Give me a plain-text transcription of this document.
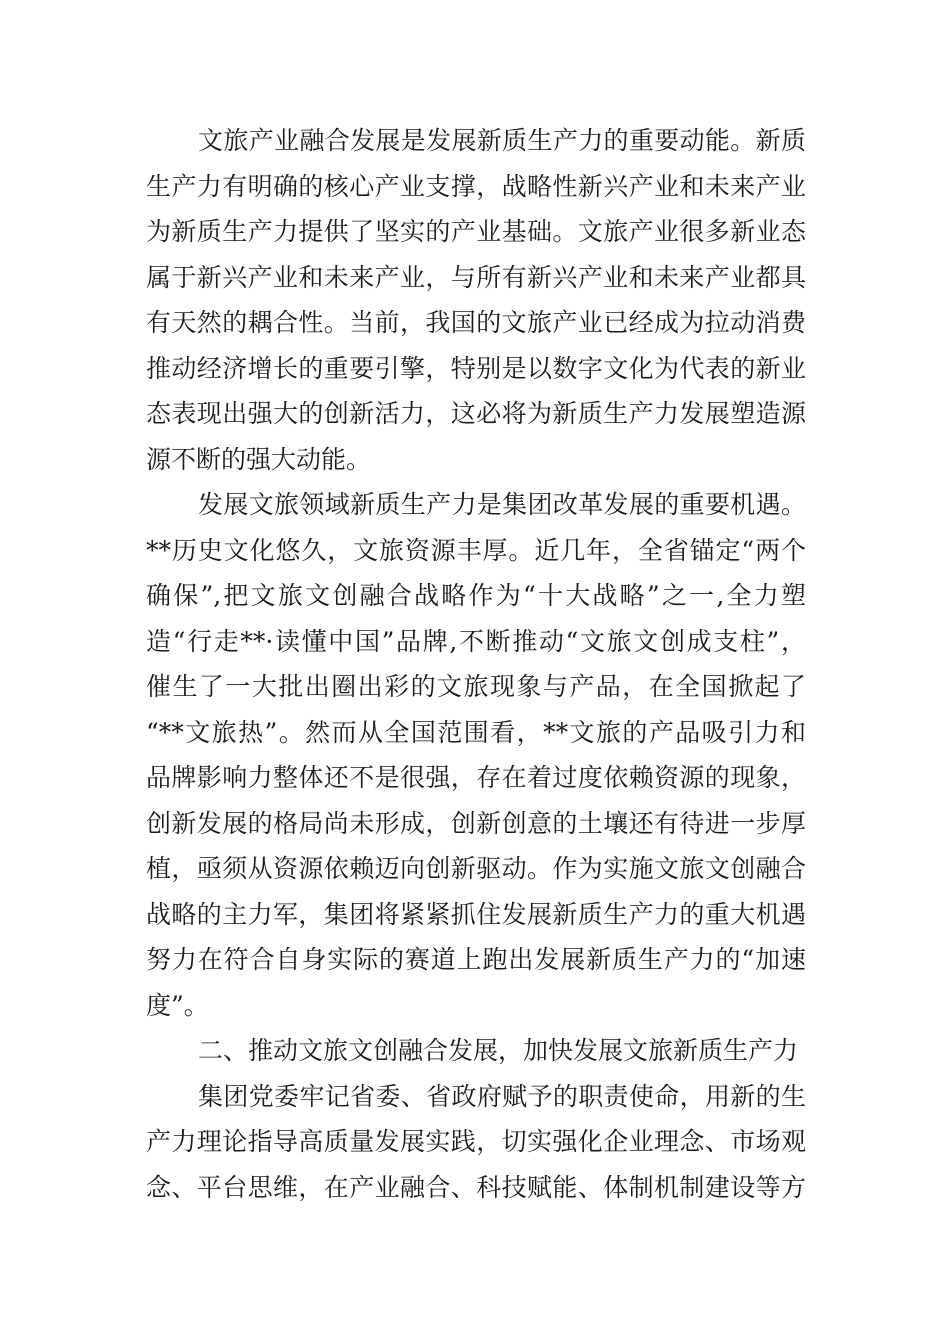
文旅产业融合发展是发展新质生产力的重要动能。新质
生产力有明确的核心产业支撑，战略性新兴产业和未来产业
为新质生产力提供了坚实的产业基础。文旅产业很多新业态
属于新兴产业和未来产业，与所有新兴产业和未来产业都具
有天然的耦合性。当前，我国的文旅产业已经成为拉动消费
推动经济增长的重要引擎，特别是以数字文化为代表的新业
态表现出强大的创新活力，这必将为新质生产力发展塑造源
源不断的强大动能。
发展文旅领域新质生产力是集团改革发展的重要机遇。
**历史文化悠久，文旅资源丰厚。近几年，全省锚定“两个
确保”,把文旅文创融合战略作为“十大战略”之一,全力塑
造“行走**·读懂中国”品牌,不断推动“文旅文创成支柱”，
催生了一大批出圈出彩的文旅现象与产品，在全国掀起了
“**文旅热”。然而从全国范围看，**文旅的产品吸引力和
品牌影响力整体还不是很强，存在着过度依赖资源的现象，
创新发展的格局尚未形成，创新创意的土壤还有待进一步厚
植，亟须从资源依赖迈向创新驱动。作为实施文旅文创融合
战略的主力军，集团将紧紧抓住发展新质生产力的重大机遇
努力在符合自身实际的赛道上跑出发展新质生产力的“加速
度”。
二、推动文旅文创融合发展，加快发展文旅新质生产力
集团党委牢记省委、省政府赋予的职责使命，用新的生
产力理论指导高质量发展实践，切实强化企业理念、市场观
念、平台思维，在产业融合、科技赋能、体制机制建设等方
